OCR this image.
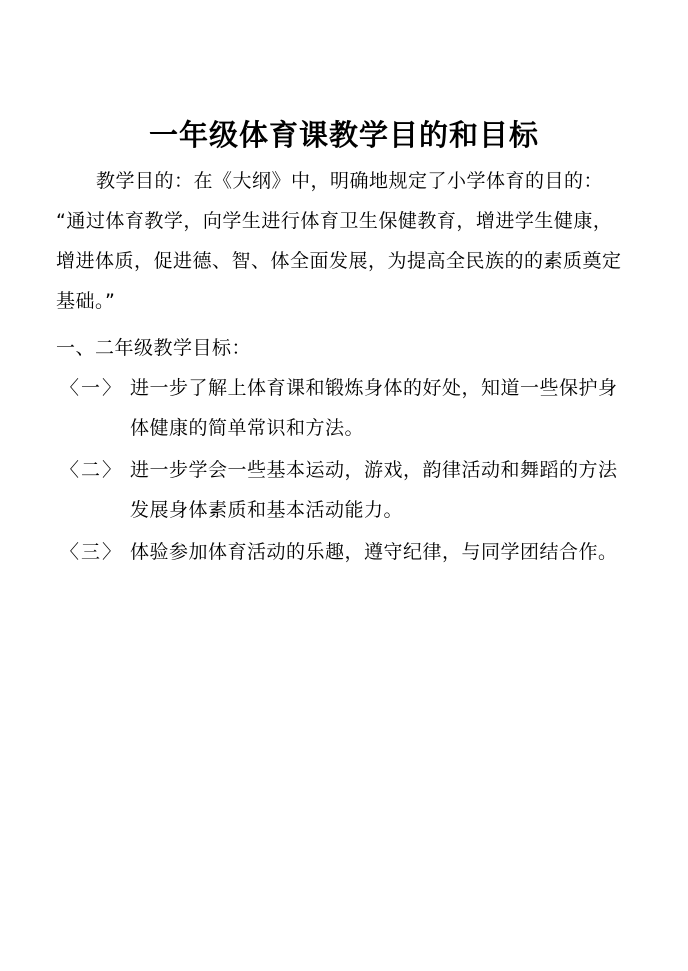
一年级体育课教学目的和目标
教学目的：在《大纲》中，明确地规定了小学体育的目的：
“通过体育教学，向学生进行体育卫生保健教育，增进学生健康，
增进体质，促进德、智、体全面发展，为提高全民族的的素质奠定
基础。”
一、二年级教学目标：
〈一〉 进一步了解上体育课和锻炼身体的好处，知道一些保护身
体健康的简单常识和方法。
〈二〉 进一步学会一些基本运动，游戏，韵律活动和舞蹈的方法
发展身体素质和基本活动能力。
〈三〉 体验参加体育活动的乐趣，遵守纪律，与同学团结合作。
